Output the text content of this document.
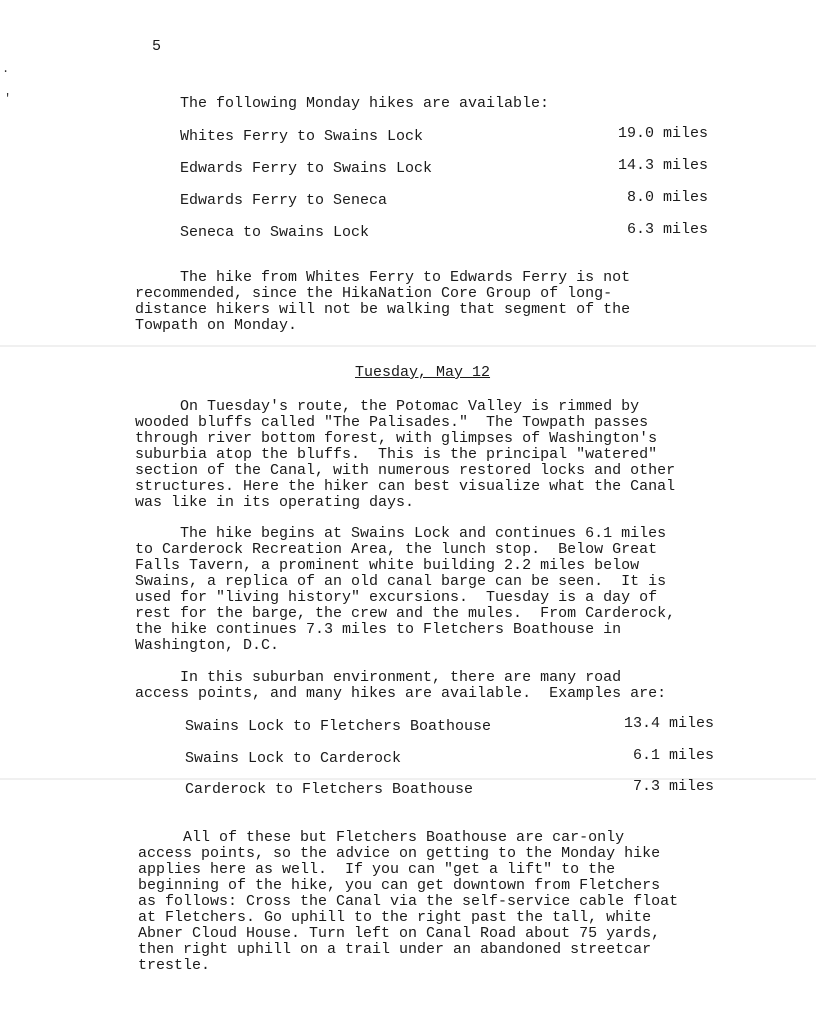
.
'
5
The following Monday hikes are available:
Whites Ferry to Swains Lock	19.0 miles
Edwards Ferry to Swains Lock	14.3 miles
Edwards Ferry to Seneca	8.0 miles
Seneca to Swains Lock	6.3 miles
The hike from Whites Ferry to Edwards Ferry is not
recommended, since the HikaNation Core Group of long-
distance hikers will not be walking that segment of the
Towpath on Monday.
Tuesday, May 12
On Tuesday's route, the Potomac Valley is rimmed by
wooded bluffs called "The Palisades."  The Towpath passes
through river bottom forest, with glimpses of Washington's
suburbia atop the bluffs.  This is the principal "watered"
section of the Canal, with numerous restored locks and other
structures. Here the hiker can best visualize what the Canal
was like in its operating days.
The hike begins at Swains Lock and continues 6.1 miles
to Carderock Recreation Area, the lunch stop.  Below Great
Falls Tavern, a prominent white building 2.2 miles below
Swains, a replica of an old canal barge can be seen.  It is
used for "living history" excursions.  Tuesday is a day of
rest for the barge, the crew and the mules.  From Carderock,
the hike continues 7.3 miles to Fletchers Boathouse in
Washington, D.C.
In this suburban environment, there are many road
access points, and many hikes are available.  Examples are:
Swains Lock to Fletchers Boathouse	13.4 miles
Swains Lock to Carderock	6.1 miles
Carderock to Fletchers Boathouse	7.3 miles
All of these but Fletchers Boathouse are car-only
access points, so the advice on getting to the Monday hike
applies here as well.  If you can "get a lift" to the
beginning of the hike, you can get downtown from Fletchers
as follows: Cross the Canal via the self-service cable float
at Fletchers. Go uphill to the right past the tall, white
Abner Cloud House. Turn left on Canal Road about 75 yards,
then right uphill on a trail under an abandoned streetcar
trestle.
